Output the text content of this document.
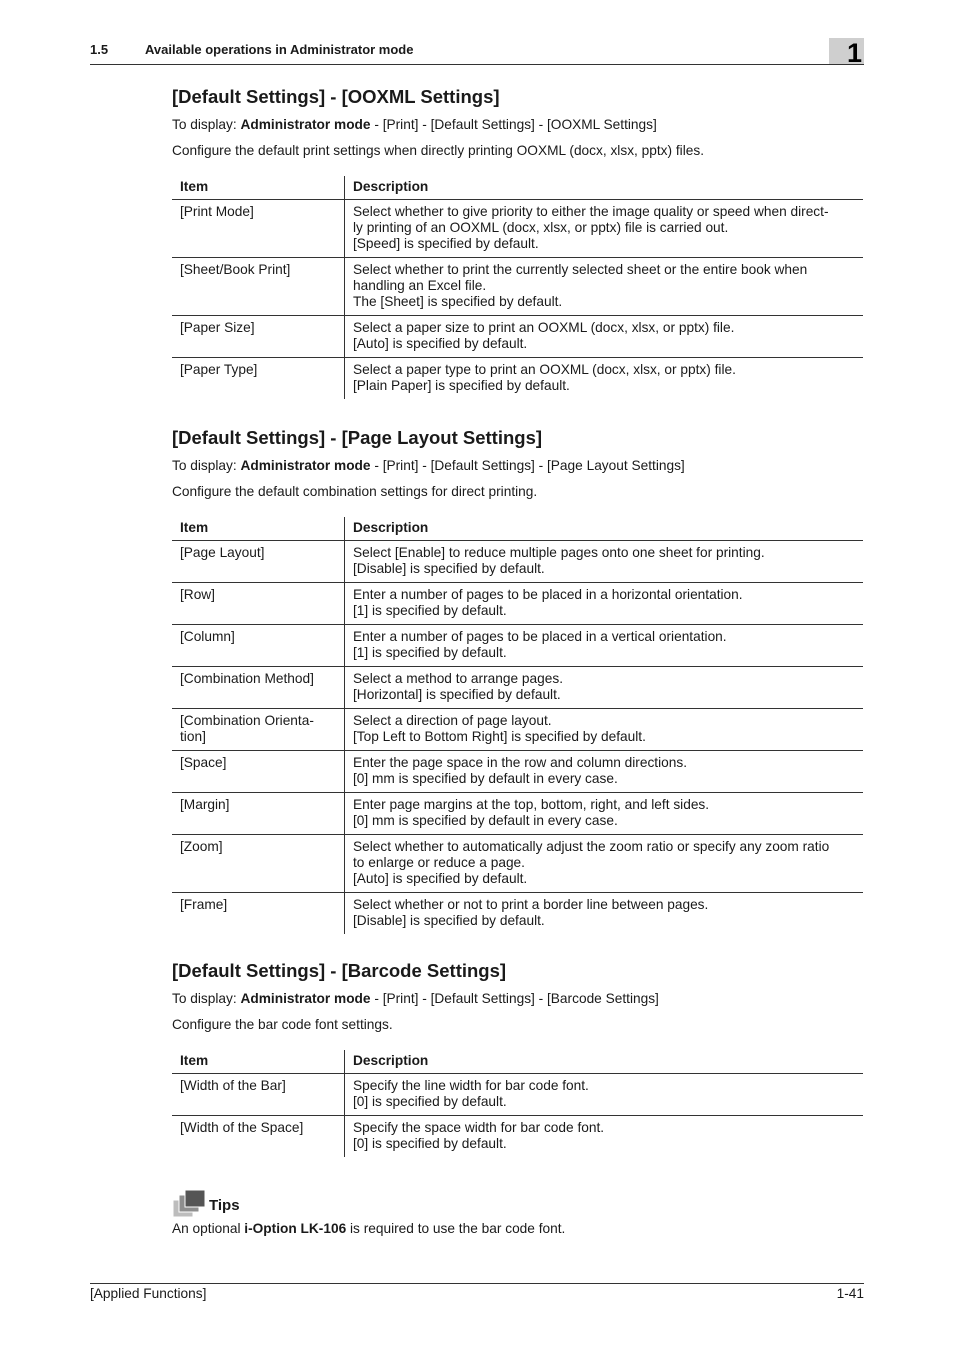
1.5	Available operations in Administrator mode	1
[Default Settings] - [OOXML Settings]

To display: Administrator mode - [Print] - [Default Settings] - [OOXML Settings]

Configure the default print settings when directly printing OOXML (docx, xlsx, pptx) files.

Item	Description
[Print Mode]	Select whether to give priority to either the image quality or speed when direct-
ly printing of an OOXML (docx, xlsx, or pptx) file is carried out.
[Speed] is specified by default.

[Sheet/Book Print]	Select whether to print the currently selected sheet or the entire book when
handling an Excel file.
The [Sheet] is specified by default.

[Paper Size]	Select a paper size to print an OOXML (docx, xlsx, or pptx) file.
[Auto] is specified by default.

[Paper Type]	Select a paper type to print an OOXML (docx, xlsx, or pptx) file.
[Plain Paper] is specified by default.
[Default Settings] - [Page Layout Settings]

To display: Administrator mode - [Print] - [Default Settings] - [Page Layout Settings]

Configure the default combination settings for direct printing.

Item	Description
[Page Layout]	Select [Enable] to reduce multiple pages onto one sheet for printing.
[Disable] is specified by default.

[Row]	Enter a number of pages to be placed in a horizontal orientation.
[1] is specified by default.

[Column]	Enter a number of pages to be placed in a vertical orientation.
[1] is specified by default.

[Combination Method]	Select a method to arrange pages.
[Horizontal] is specified by default.

[Combination Orienta-
tion]	Select a direction of page layout.
[Top Left to Bottom Right] is specified by default.

[Space]	Enter the page space in the row and column directions.
[0] mm is specified by default in every case.

[Margin]	Enter page margins at the top, bottom, right, and left sides.
[0] mm is specified by default in every case.

[Zoom]	Select whether to automatically adjust the zoom ratio or specify any zoom ratio
to enlarge or reduce a page.
[Auto] is specified by default.

[Frame]	Select whether or not to print a border line between pages.
[Disable] is specified by default.
[Default Settings] - [Barcode Settings]

To display: Administrator mode - [Print] - [Default Settings] - [Barcode Settings]

Configure the bar code font settings.

Item	Description
[Width of the Bar]	Specify the line width for bar code font.
[0] is specified by default.

[Width of the Space]	Specify the space width for bar code font.
[0] is specified by default.
Tips
An optional i-Option LK-106 is required to use the bar code font.
[Applied Functions]	1-41
